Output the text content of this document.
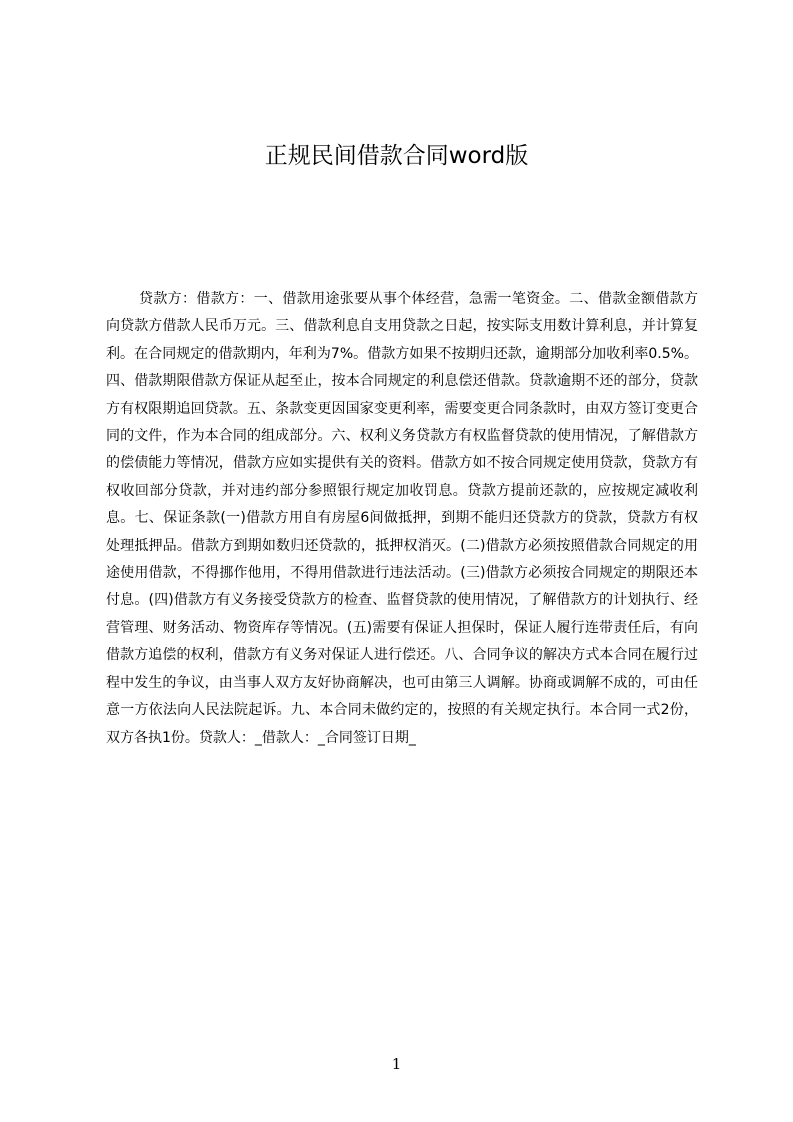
正规民间借款合同word版

贷款方：借款方：一、借款用途张要从事个体经营，急需一笔资金。二、借款金额借款方向贷款方借款人民币万元。三、借款利息自支用贷款之日起，按实际支用数计算利息，并计算复利。在合同规定的借款期内，年利为7%。借款方如果不按期归还款，逾期部分加收利率0.5%。四、借款期限借款方保证从起至止，按本合同规定的利息偿还借款。贷款逾期不还的部分，贷款方有权限期追回贷款。五、条款变更因国家变更利率，需要变更合同条款时，由双方签订变更合同的文件，作为本合同的组成部分。六、权利义务贷款方有权监督贷款的使用情况，了解借款方的偿债能力等情况，借款方应如实提供有关的资料。借款方如不按合同规定使用贷款，贷款方有权收回部分贷款，并对违约部分参照银行规定加收罚息。贷款方提前还款的，应按规定减收利息。七、保证条款(一)借款方用自有房屋6间做抵押，到期不能归还贷款方的贷款，贷款方有权处理抵押品。借款方到期如数归还贷款的，抵押权消灭。(二)借款方必须按照借款合同规定的用途使用借款，不得挪作他用，不得用借款进行违法活动。(三)借款方必须按合同规定的期限还本付息。(四)借款方有义务接受贷款方的检查、监督贷款的使用情况，了解借款方的计划执行、经营管理、财务活动、物资库存等情况。(五)需要有保证人担保时，保证人履行连带责任后，有向借款方追偿的权利，借款方有义务对保证人进行偿还。八、合同争议的解决方式本合同在履行过程中发生的争议，由当事人双方友好协商解决，也可由第三人调解。协商或调解不成的，可由任意一方依法向人民法院起诉。九、本合同未做约定的，按照的有关规定执行。本合同一式2份，双方各执1份。贷款人：_借款人：_合同签订日期_

1
